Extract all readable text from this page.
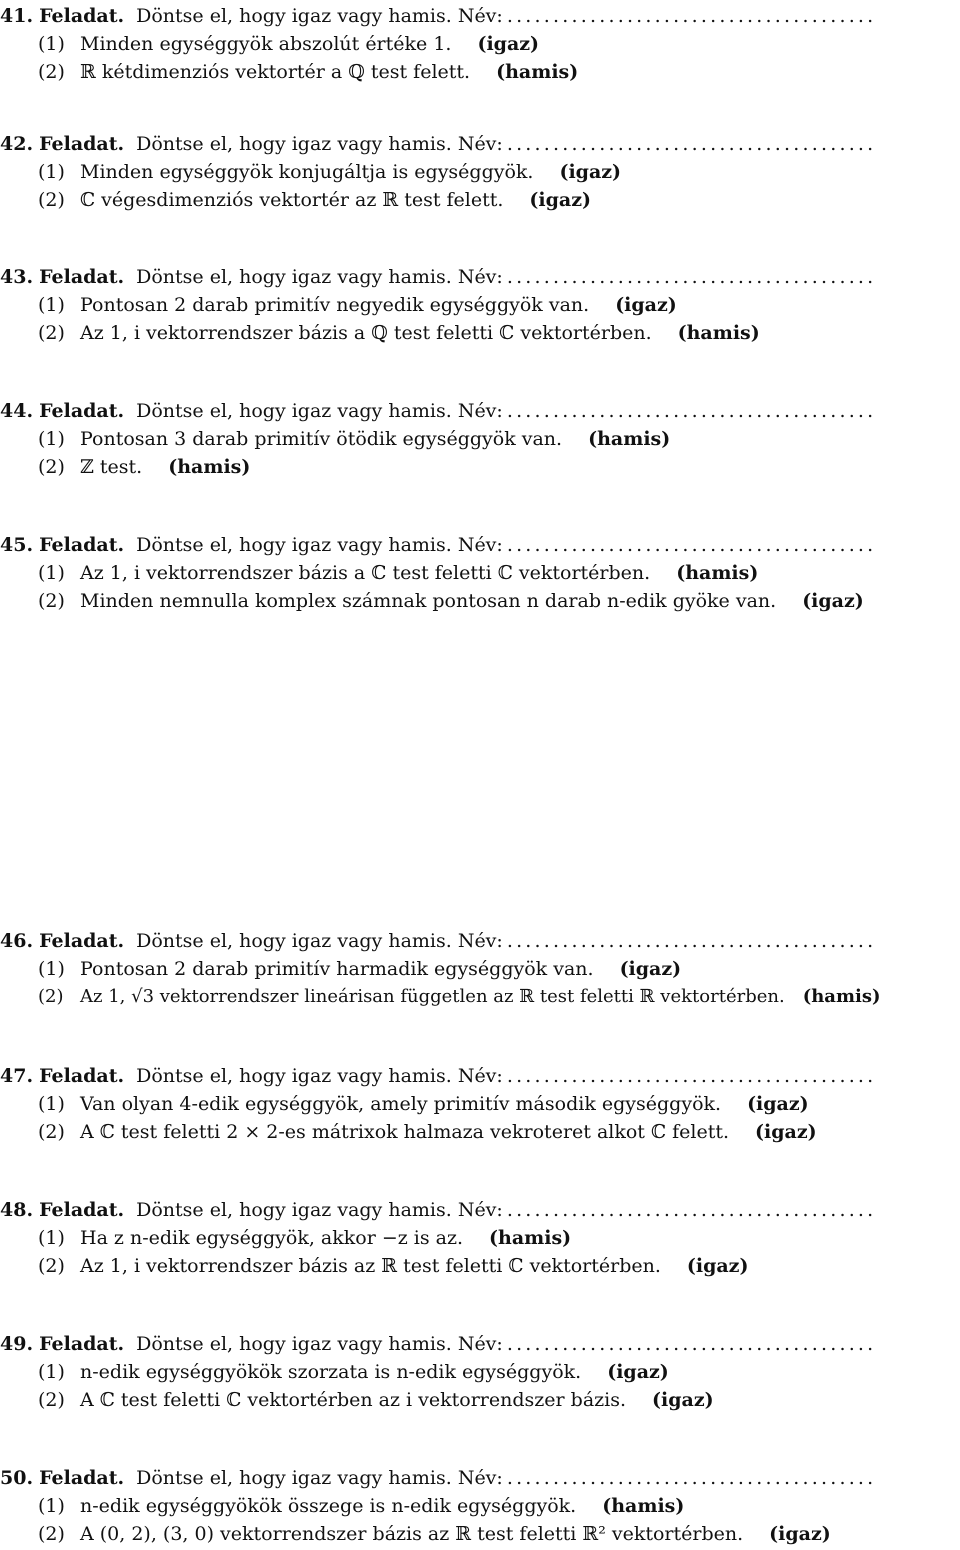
41. Feladat. Döntse el, hogy igaz vagy hamis. Név: ........................................
(1) Minden egységgyök abszolút értéke 1. (igaz)
(2) ℝ kétdimenziós vektortér a ℚ test felett. (hamis)
42. Feladat. Döntse el, hogy igaz vagy hamis. Név: ........................................
(1) Minden egységgyök konjugáltja is egységgyök. (igaz)
(2) ℂ végesdimenziós vektortér az ℝ test felett. (igaz)
43. Feladat. Döntse el, hogy igaz vagy hamis. Név: ........................................
(1) Pontosan 2 darab primitív negyedik egységgyök van. (igaz)
(2) Az 1, i vektorrendszer bázis a ℚ test feletti ℂ vektortérben. (hamis)
44. Feladat. Döntse el, hogy igaz vagy hamis. Név: ........................................
(1) Pontosan 3 darab primitív ötödik egységgyök van. (hamis)
(2) ℤ test. (hamis)
45. Feladat. Döntse el, hogy igaz vagy hamis. Név: ........................................
(1) Az 1, i vektorrendszer bázis a ℂ test feletti ℂ vektortérben. (hamis)
(2) Minden nemnulla komplex számnak pontosan n darab n-edik gyöke van. (igaz)
46. Feladat. Döntse el, hogy igaz vagy hamis. Név: ........................................
(1) Pontosan 2 darab primitív harmadik egységgyök van. (igaz)
(2) Az 1, √3 vektorrendszer lineárisan független az ℝ test feletti ℝ vektortérben. (hamis)
47. Feladat. Döntse el, hogy igaz vagy hamis. Név: ........................................
(1) Van olyan 4-edik egységgyök, amely primitív második egységgyök. (igaz)
(2) A ℂ test feletti 2 × 2-es mátrixok halmaza vekroteret alkot ℂ felett. (igaz)
48. Feladat. Döntse el, hogy igaz vagy hamis. Név: ........................................
(1) Ha z n-edik egységgyök, akkor −z is az. (hamis)
(2) Az 1, i vektorrendszer bázis az ℝ test feletti ℂ vektortérben. (igaz)
49. Feladat. Döntse el, hogy igaz vagy hamis. Név: ........................................
(1) n-edik egységgyökök szorzata is n-edik egységgyök. (igaz)
(2) A ℂ test feletti ℂ vektortérben az i vektorrendszer bázis. (igaz)
50. Feladat. Döntse el, hogy igaz vagy hamis. Név: ........................................
(1) n-edik egységgyökök összege is n-edik egységgyök. (hamis)
(2) A (0, 2), (3, 0) vektorrendszer bázis az ℝ test feletti ℝ² vektortérben. (igaz)
